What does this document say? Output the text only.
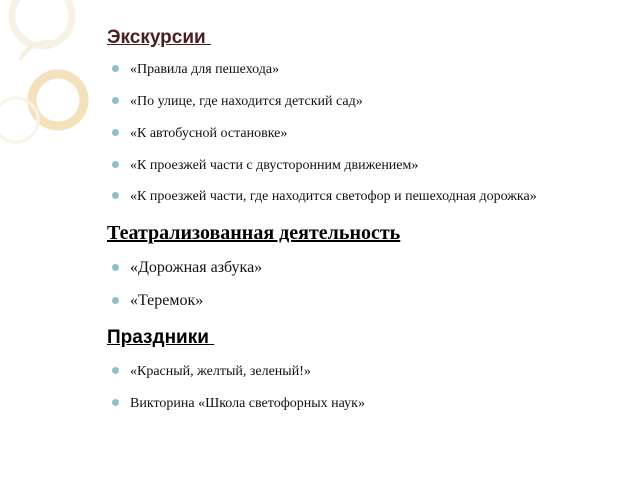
Экскурсии
«Правила для пешехода»
«По улице, где находится детский сад»
«К автобусной остановке»
«К проезжей части с двусторонним движением»
«К проезжей части, где находится светофор и пешеходная дорожка»
Театрализованная деятельность
«Дорожная азбука»
«Теремок»
Праздники
«Красный, желтый, зеленый!»
Викторина «Школа светофорных наук»
